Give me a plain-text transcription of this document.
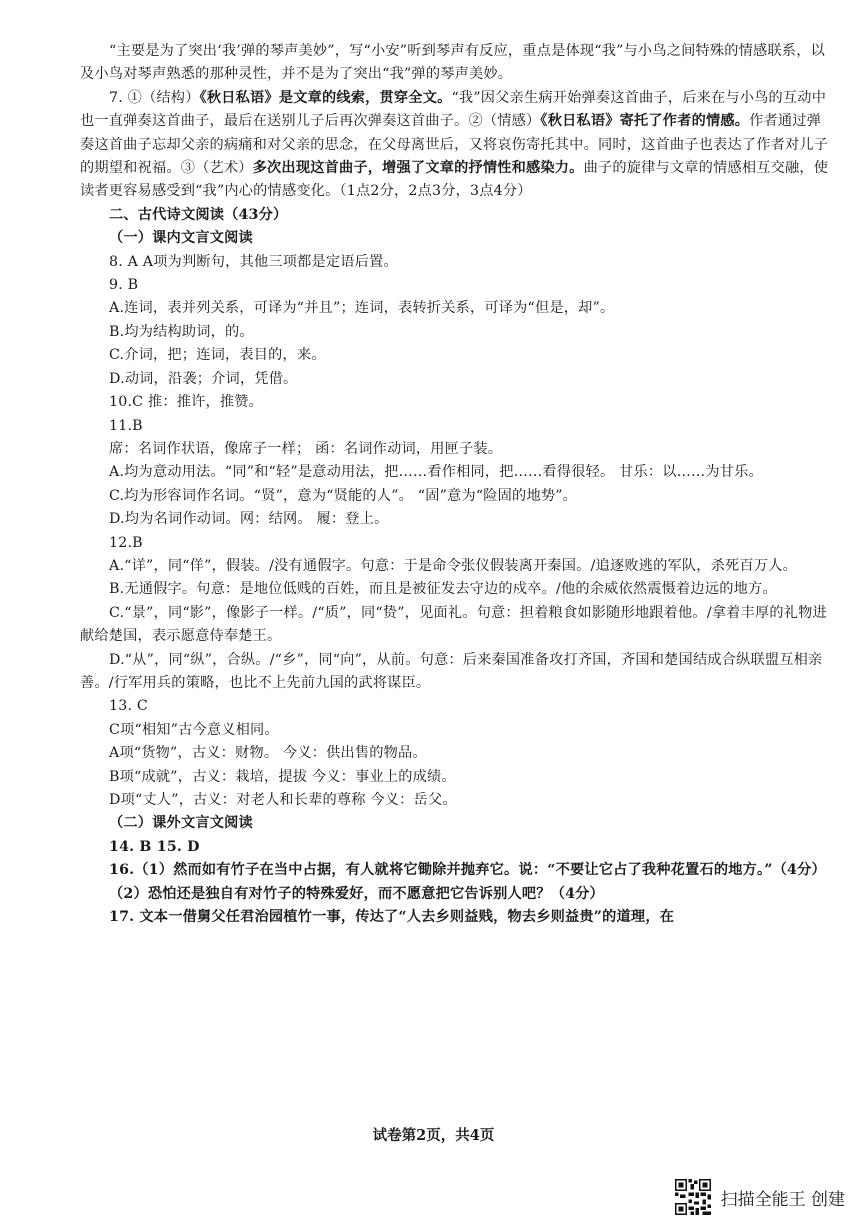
“主要是为了突出‘我’弹的琴声美妙”，写“小安”听到琴声有反应，重点是体现“我”与小鸟之间特殊的情感联系，以及小鸟对琴声熟悉的那种灵性，并不是为了突出“我”弹的琴声美妙。

7. ①（结构）《秋日私语》是文章的线索，贯穿全文。“我”因父亲生病开始弹奏这首曲子，后来在与小鸟的互动中也一直弹奏这首曲子，最后在送别儿子后再次弹奏这首曲子。②（情感）《秋日私语》寄托了作者的情感。作者通过弹奏这首曲子忘却父亲的病痛和对父亲的思念，在父母离世后，又将哀伤寄托其中。同时，这首曲子也表达了作者对儿子的期望和祝福。③（艺术）多次出现这首曲子，增强了文章的抒情性和感染力。曲子的旋律与文章的情感相互交融，使读者更容易感受到“我”内心的情感变化。（1点2分，2点3分，3点4分）

二、古代诗文阅读（43分）

（一）课内文言文阅读

8. A A项为判断句，其他三项都是定语后置。

9. B

A.连词，表并列关系，可译为“并且”；连词，表转折关系，可译为“但是，却”。

B.均为结构助词，的。

C.介词，把；连词，表目的，来。

D.动词，沿袭；介词，凭借。

10.C 推：推许，推赞。

11.B

席：名词作状语，像席子一样； 函：名词作动词，用匣子装。

A.均为意动用法。“同”和“轻”是意动用法，把……看作相同，把……看得很轻。 甘乐：以……为甘乐。

C.均为形容词作名词。“贤”，意为“贤能的人”。 “固”意为“险固的地势”。

D.均为名词作动词。网：结网。 履：登上。

12.B

A.“详”，同“佯”，假装。/没有通假字。句意：于是命令张仪假装离开秦国。/追逐败逃的军队，杀死百万人。

B.无通假字。句意：是地位低贱的百姓，而且是被征发去守边的戍卒。/他的余威依然震慑着边远的地方。

C.“景”，同“影”，像影子一样。/“质”，同“贽”，见面礼。句意：担着粮食如影随形地跟着他。/拿着丰厚的礼物进献给楚国，表示愿意侍奉楚王。

D.“从”，同“纵”，合纵。/“乡”，同“向”，从前。句意：后来秦国准备攻打齐国，齐国和楚国结成合纵联盟互相亲善。/行军用兵的策略，也比不上先前九国的武将谋臣。

13. C

C项“相知”古今意义相同。

A项“货物”，古义：财物。 今义：供出售的物品。

B项“成就”，古义：栽培，提拔 今义：事业上的成绩。

D项“丈人”，古义：对老人和长辈的尊称 今义：岳父。

（二）课外文言文阅读

14. B 15. D

16.（1）然而如有竹子在当中占据，有人就将它锄除并抛弃它。说：“不要让它占了我种花置石的地方。”（4分）

（2）恐怕还是独自有对竹子的特殊爱好，而不愿意把它告诉别人吧？（4分）

17. 文本一借舅父任君治园植竹一事，传达了“人去乡则益贱，物去乡则益贵”的道理，在

试卷第2页，共4页
扫描全能王 创建
